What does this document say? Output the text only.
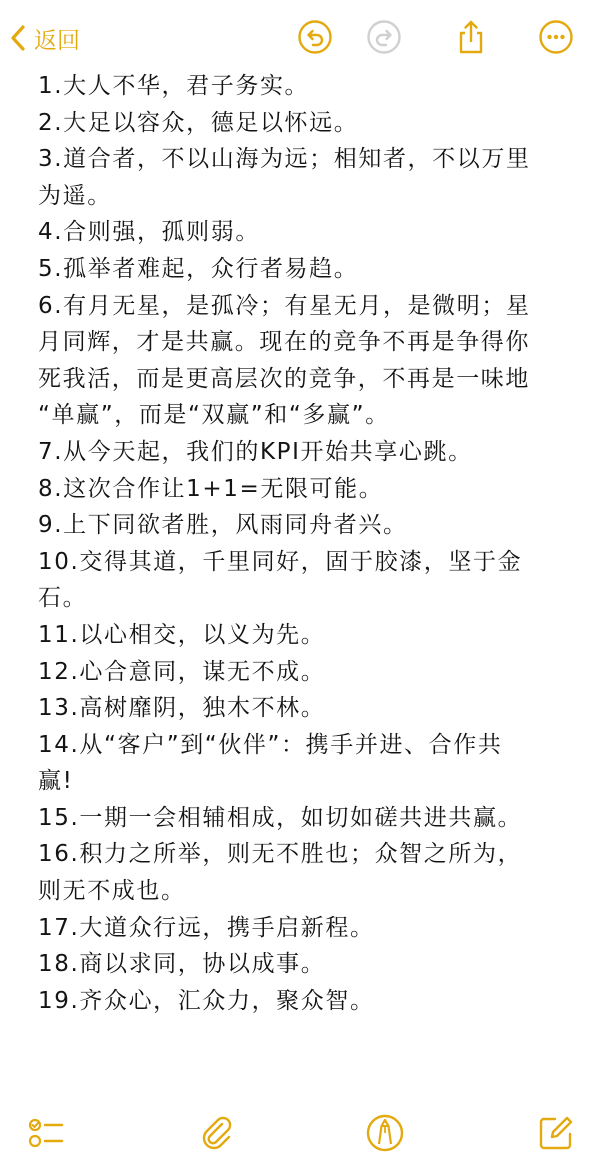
返回
1.大人不华，君子务实。
2.大足以容众，德足以怀远。
3.道合者，不以山海为远；相知者，不以万里
为遥。
4.合则强，孤则弱。
5.孤举者难起，众行者易趋。
6.有月无星，是孤冷；有星无月，是微明；星
月同辉，才是共赢。现在的竞争不再是争得你
死我活，而是更高层次的竞争，不再是一味地
“单赢”，而是“双赢”和“多赢”。
7.从今天起，我们的KPI开始共享心跳。
8.这次合作让1+1=无限可能。
9.上下同欲者胜，风雨同舟者兴。
10.交得其道，千里同好，固于胶漆，坚于金
石。
11.以心相交，以义为先。
12.心合意同，谋无不成。
13.高树靡阴，独木不林。
14.从“客户”到“伙伴”：携手并进、合作共
赢!
15.一期一会相辅相成，如切如磋共进共赢。
16.积力之所举，则无不胜也；众智之所为，
则无不成也。
17.大道众行远，携手启新程。
18.商以求同，协以成事。
19.齐众心，汇众力，聚众智。
